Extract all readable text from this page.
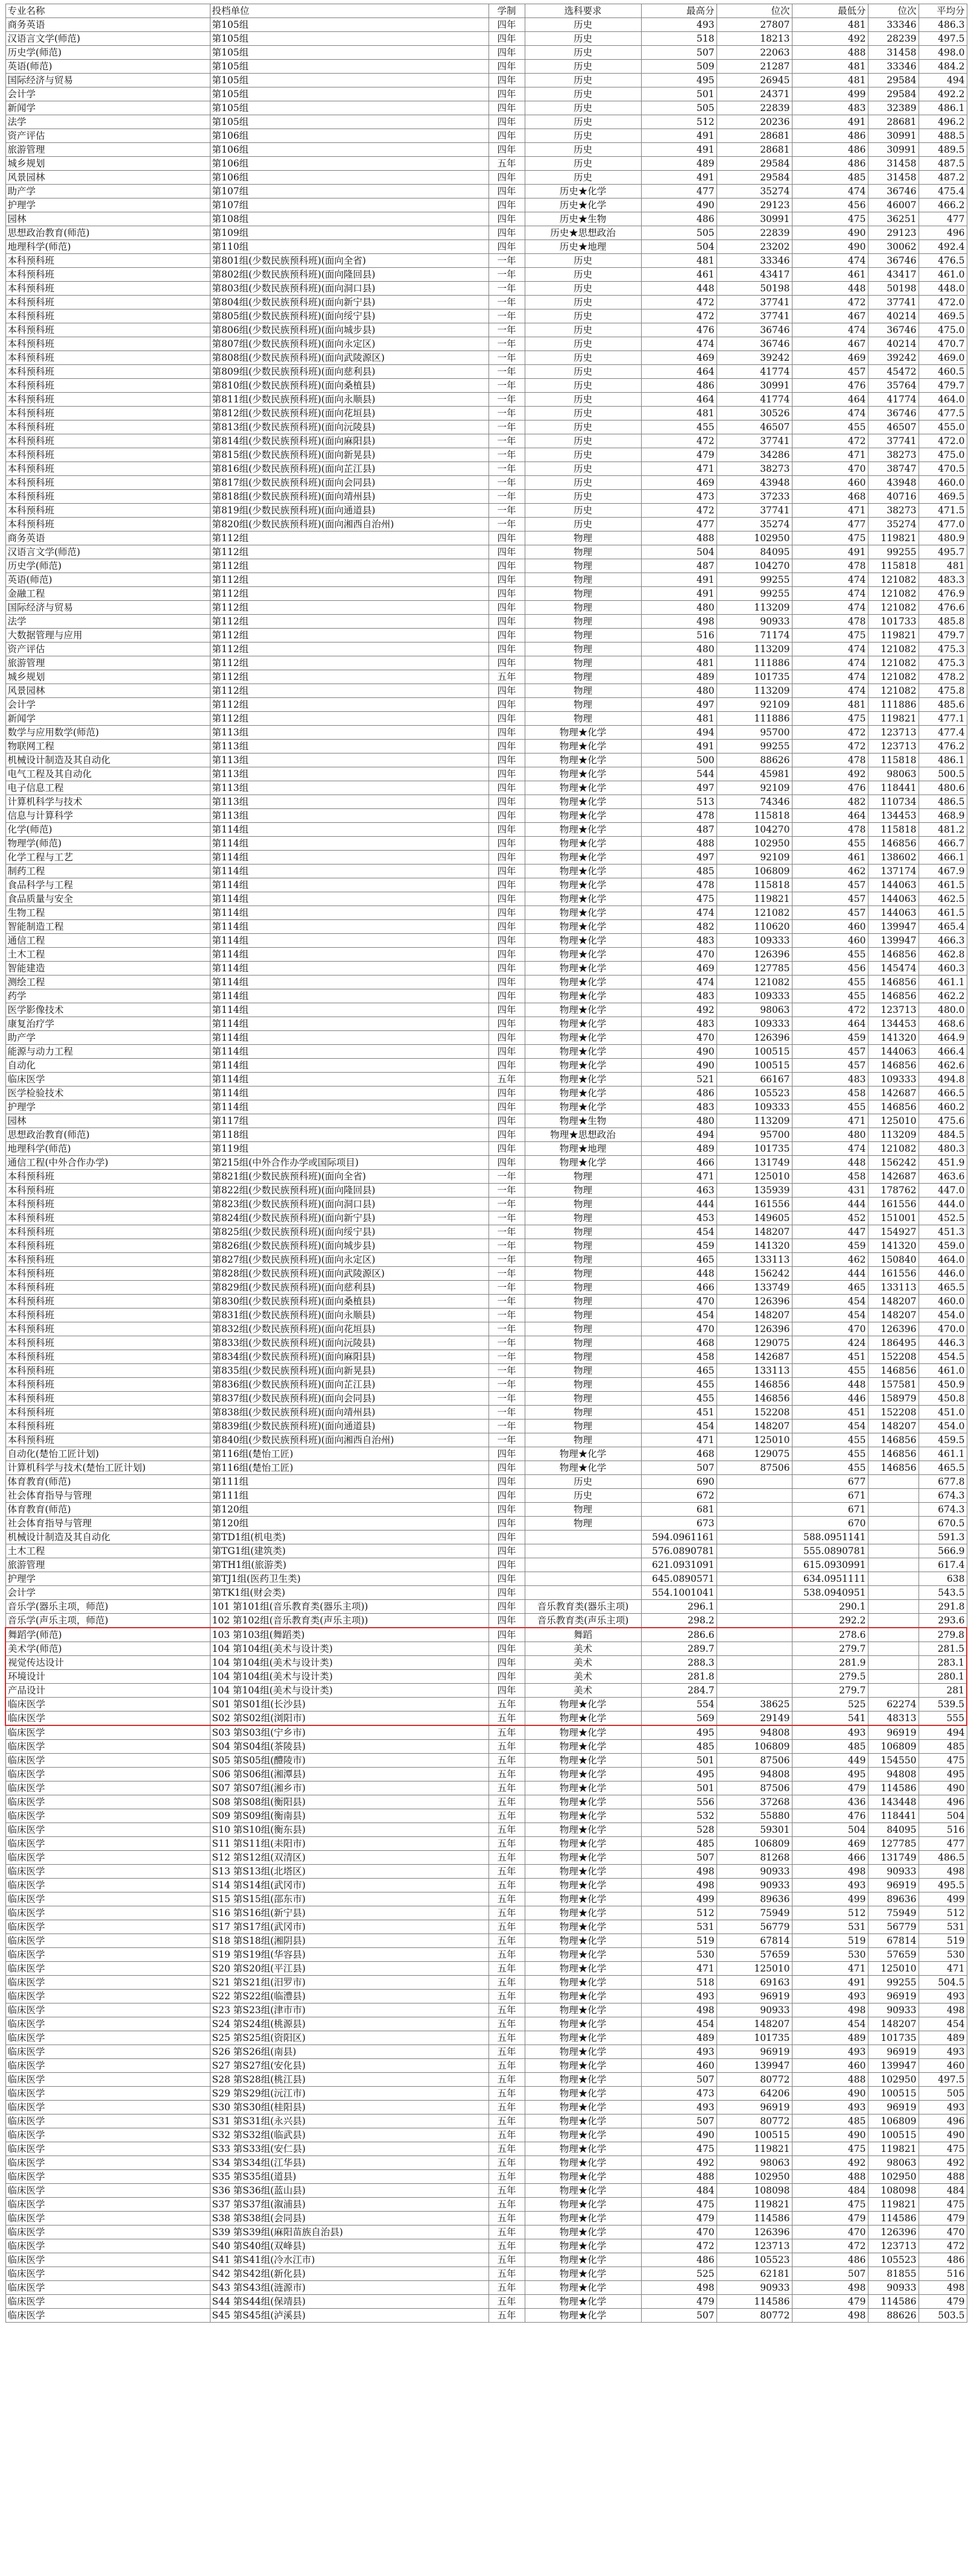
专业名称	投档单位	学制	选科要求	最高分	位次	最低分	位次	平均分
商务英语	第105组	四年	历史	493	27807	481	33346	486.3
汉语言文学(师范)	第105组	四年	历史	518	18213	492	28239	497.5
历史学(师范)	第105组	四年	历史	507	22063	488	31458	498.0
英语(师范)	第105组	四年	历史	509	21287	481	33346	484.2
国际经济与贸易	第105组	四年	历史	495	26945	481	29584	494
会计学	第105组	四年	历史	501	24371	499	29584	492.2
新闻学	第105组	四年	历史	505	22839	483	32389	486.1
法学	第105组	四年	历史	512	20236	491	28681	496.2
资产评估	第106组	四年	历史	491	28681	486	30991	488.5
旅游管理	第106组	四年	历史	491	28681	486	30991	489.5
城乡规划	第106组	五年	历史	489	29584	486	31458	487.5
风景园林	第106组	四年	历史	491	29584	485	31458	487.2
助产学	第107组	四年	历史★化学	477	35274	474	36746	475.4
护理学	第107组	四年	历史★化学	490	29123	456	46007	466.2
园林	第108组	四年	历史★生物	486	30991	475	36251	477
思想政治教育(师范)	第109组	四年	历史★思想政治	505	22839	490	29123	496
地理科学(师范)	第110组	四年	历史★地理	504	23202	490	30062	492.4
本科预科班	第801组(少数民族预科班)(面向全省)	一年	历史	481	33346	474	36746	476.5
本科预科班	第802组(少数民族预科班)(面向隆回县)	一年	历史	461	43417	461	43417	461.0
本科预科班	第803组(少数民族预科班)(面向洞口县)	一年	历史	448	50198	448	50198	448.0
本科预科班	第804组(少数民族预科班)(面向新宁县)	一年	历史	472	37741	472	37741	472.0
本科预科班	第805组(少数民族预科班)(面向绥宁县)	一年	历史	472	37741	467	40214	469.5
本科预科班	第806组(少数民族预科班)(面向城步县)	一年	历史	476	36746	474	36746	475.0
本科预科班	第807组(少数民族预科班)(面向永定区)	一年	历史	474	36746	467	40214	470.7
本科预科班	第808组(少数民族预科班)(面向武陵源区)	一年	历史	469	39242	469	39242	469.0
本科预科班	第809组(少数民族预科班)(面向慈利县)	一年	历史	464	41774	457	45472	460.5
本科预科班	第810组(少数民族预科班)(面向桑植县)	一年	历史	486	30991	476	35764	479.7
本科预科班	第811组(少数民族预科班)(面向永顺县)	一年	历史	464	41774	464	41774	464.0
本科预科班	第812组(少数民族预科班)(面向花垣县)	一年	历史	481	30526	474	36746	477.5
本科预科班	第813组(少数民族预科班)(面向沅陵县)	一年	历史	455	46507	455	46507	455.0
本科预科班	第814组(少数民族预科班)(面向麻阳县)	一年	历史	472	37741	472	37741	472.0
本科预科班	第815组(少数民族预科班)(面向新晃县)	一年	历史	479	34286	471	38273	475.0
本科预科班	第816组(少数民族预科班)(面向芷江县)	一年	历史	471	38273	470	38747	470.5
本科预科班	第817组(少数民族预科班)(面向会同县)	一年	历史	469	43948	460	43948	460.0
本科预科班	第818组(少数民族预科班)(面向靖州县)	一年	历史	473	37233	468	40716	469.5
本科预科班	第819组(少数民族预科班)(面向通道县)	一年	历史	472	37741	471	38273	471.5
本科预科班	第820组(少数民族预科班)(面向湘西自治州)	一年	历史	477	35274	477	35274	477.0
商务英语	第112组	四年	物理	488	102950	475	119821	480.9
汉语言文学(师范)	第112组	四年	物理	504	84095	491	99255	495.7
历史学(师范)	第112组	四年	物理	487	104270	478	115818	481
英语(师范)	第112组	四年	物理	491	99255	474	121082	483.3
金融工程	第112组	四年	物理	491	99255	474	121082	476.9
国际经济与贸易	第112组	四年	物理	480	113209	474	121082	476.6
法学	第112组	四年	物理	498	90933	478	101733	485.8
大数据管理与应用	第112组	四年	物理	516	71174	475	119821	479.7
资产评估	第112组	四年	物理	480	113209	474	121082	475.3
旅游管理	第112组	四年	物理	481	111886	474	121082	475.3
城乡规划	第112组	五年	物理	489	101735	474	121082	478.2
风景园林	第112组	四年	物理	480	113209	474	121082	475.8
会计学	第112组	四年	物理	497	92109	481	111886	485.6
新闻学	第112组	四年	物理	481	111886	475	119821	477.1
数学与应用数学(师范)	第113组	四年	物理★化学	494	95700	472	123713	477.4
物联网工程	第113组	四年	物理★化学	491	99255	472	123713	476.2
机械设计制造及其自动化	第113组	四年	物理★化学	500	88626	478	115818	486.1
电气工程及其自动化	第113组	四年	物理★化学	544	45981	492	98063	500.5
电子信息工程	第113组	四年	物理★化学	497	92109	476	118441	480.6
计算机科学与技术	第113组	四年	物理★化学	513	74346	482	110734	486.5
信息与计算科学	第113组	四年	物理★化学	478	115818	464	134453	468.9
化学(师范)	第114组	四年	物理★化学	487	104270	478	115818	481.2
物理学(师范)	第114组	四年	物理★化学	488	102950	455	146856	466.7
化学工程与工艺	第114组	四年	物理★化学	497	92109	461	138602	466.1
制药工程	第114组	四年	物理★化学	485	106809	462	137174	467.9
食品科学与工程	第114组	四年	物理★化学	478	115818	457	144063	461.5
食品质量与安全	第114组	四年	物理★化学	475	119821	457	144063	462.5
生物工程	第114组	四年	物理★化学	474	121082	457	144063	461.5
智能制造工程	第114组	四年	物理★化学	482	110620	460	139947	465.4
通信工程	第114组	四年	物理★化学	483	109333	460	139947	466.3
土木工程	第114组	四年	物理★化学	470	126396	455	146856	462.8
智能建造	第114组	四年	物理★化学	469	127785	456	145474	460.3
测绘工程	第114组	四年	物理★化学	474	121082	455	146856	461.1
药学	第114组	四年	物理★化学	483	109333	455	146856	462.2
医学影像技术	第114组	四年	物理★化学	492	98063	472	123713	480.0
康复治疗学	第114组	四年	物理★化学	483	109333	464	134453	468.6
助产学	第114组	四年	物理★化学	470	126396	459	141320	464.9
能源与动力工程	第114组	四年	物理★化学	490	100515	457	144063	466.4
自动化	第114组	四年	物理★化学	490	100515	457	146856	462.6
临床医学	第114组	五年	物理★化学	521	66167	483	109333	494.8
医学检验技术	第114组	四年	物理★化学	486	105523	458	142687	466.5
护理学	第114组	四年	物理★化学	483	109333	455	146856	460.2
园林	第117组	四年	物理★生物	480	113209	471	125010	475.6
思想政治教育(师范)	第118组	四年	物理★思想政治	494	95700	480	113209	484.5
地理科学(师范)	第119组	四年	物理★地理	489	101735	474	121082	480.3
通信工程(中外合作办学)	第215组(中外合作办学或国际项目)	四年	物理★化学	466	131749	448	156242	451.9
本科预科班	第821组(少数民族预科班)(面向全省)	一年	物理	471	125010	458	142687	463.6
本科预科班	第822组(少数民族预科班)(面向隆回县)	一年	物理	463	135939	431	178762	447.0
本科预科班	第823组(少数民族预科班)(面向洞口县)	一年	物理	444	161556	444	161556	444.0
本科预科班	第824组(少数民族预科班)(面向新宁县)	一年	物理	453	149605	452	151001	452.5
本科预科班	第825组(少数民族预科班)(面向绥宁县)	一年	物理	454	148207	447	154927	451.3
本科预科班	第826组(少数民族预科班)(面向城步县)	一年	物理	459	141320	459	141320	459.0
本科预科班	第827组(少数民族预科班)(面向永定区)	一年	物理	465	133113	462	150840	464.0
本科预科班	第828组(少数民族预科班)(面向武陵源区)	一年	物理	448	156242	444	161556	446.0
本科预科班	第829组(少数民族预科班)(面向慈利县)	一年	物理	466	133749	465	133113	465.5
本科预科班	第830组(少数民族预科班)(面向桑植县)	一年	物理	470	126396	454	148207	460.0
本科预科班	第831组(少数民族预科班)(面向永顺县)	一年	物理	454	148207	454	148207	454.0
本科预科班	第832组(少数民族预科班)(面向花垣县)	一年	物理	470	126396	470	126396	470.0
本科预科班	第833组(少数民族预科班)(面向沅陵县)	一年	物理	468	129075	424	186495	446.3
本科预科班	第834组(少数民族预科班)(面向麻阳县)	一年	物理	458	142687	451	152208	454.5
本科预科班	第835组(少数民族预科班)(面向新晃县)	一年	物理	465	133113	455	146856	461.0
本科预科班	第836组(少数民族预科班)(面向芷江县)	一年	物理	455	146856	448	157581	450.9
本科预科班	第837组(少数民族预科班)(面向会同县)	一年	物理	455	146856	446	158979	450.8
本科预科班	第838组(少数民族预科班)(面向靖州县)	一年	物理	451	152208	451	152208	451.0
本科预科班	第839组(少数民族预科班)(面向通道县)	一年	物理	454	148207	454	148207	454.0
本科预科班	第840组(少数民族预科班)(面向湘西自治州)	一年	物理	471	125010	455	146856	459.5
自动化(楚怡工匠计划)	第116组(楚怡工匠)	四年	物理★化学	468	129075	455	146856	461.1
计算机科学与技术(楚怡工匠计划)	第116组(楚怡工匠)	四年	物理★化学	507	87506	455	146856	465.5
体育教育(师范)	第111组	四年	历史	690		677		677.8
社会体育指导与管理	第111组	四年	历史	672		671		674.3
体育教育(师范)	第120组	四年	物理	681		671		674.3
社会体育指导与管理	第120组	四年	物理	673		670		670.5
机械设计制造及其自动化	第TD1组(机电类)	四年		594.0961161		588.0951141		591.3
土木工程	第TG1组(建筑类)	四年		576.0890781		555.0890781		566.9
旅游管理	第TH1组(旅游类)	四年		621.0931091		615.0930991		617.4
护理学	第TJ1组(医药卫生类)	四年		645.0890571		634.0951111		638
会计学	第TK1组(财会类)	四年		554.1001041		538.0940951		543.5
音乐学(器乐主项，师范)	101 第101组(音乐教育类(器乐主项))	四年	音乐教育类(器乐主项)	296.1		290.1		291.8
音乐学(声乐主项，师范)	102 第102组(音乐教育类(声乐主项))	四年	音乐教育类(声乐主项)	298.2		292.2		293.6
舞蹈学(师范)	103 第103组(舞蹈类)	四年	舞蹈	286.6		278.6		279.8
美术学(师范)	104 第104组(美术与设计类)	四年	美术	289.7		279.7		281.5
视觉传达设计	104 第104组(美术与设计类)	四年	美术	288.3		281.9		283.1
环境设计	104 第104组(美术与设计类)	四年	美术	281.8		279.5		280.1
产品设计	104 第104组(美术与设计类)	四年	美术	284.7		279.7		281
临床医学	S01 第S01组(长沙县)	五年	物理★化学	554	38625	525	62274	539.5
临床医学	S02 第S02组(浏阳市)	五年	物理★化学	569	29149	541	48313	555
临床医学	S03 第S03组(宁乡市)	五年	物理★化学	495	94808	493	96919	494
临床医学	S04 第S04组(茶陵县)	五年	物理★化学	485	106809	485	106809	485
临床医学	S05 第S05组(醴陵市)	五年	物理★化学	501	87506	449	154550	475
临床医学	S06 第S06组(湘潭县)	五年	物理★化学	495	94808	495	94808	495
临床医学	S07 第S07组(湘乡市)	五年	物理★化学	501	87506	479	114586	490
临床医学	S08 第S08组(衡阳县)	五年	物理★化学	556	37268	436	143448	496
临床医学	S09 第S09组(衡南县)	五年	物理★化学	532	55880	476	118441	504
临床医学	S10 第S10组(衡东县)	五年	物理★化学	528	59301	504	84095	516
临床医学	S11 第S11组(耒阳市)	五年	物理★化学	485	106809	469	127785	477
临床医学	S12 第S12组(双清区)	五年	物理★化学	507	81268	466	131749	486.5
临床医学	S13 第S13组(北塔区)	五年	物理★化学	498	90933	498	90933	498
临床医学	S14 第S14组(武冈市)	五年	物理★化学	498	90933	493	96919	495.5
临床医学	S15 第S15组(邵东市)	五年	物理★化学	499	89636	499	89636	499
临床医学	S16 第S16组(新宁县)	五年	物理★化学	512	75949	512	75949	512
临床医学	S17 第S17组(武冈市)	五年	物理★化学	531	56779	531	56779	531
临床医学	S18 第S18组(湘阴县)	五年	物理★化学	519	67814	519	67814	519
临床医学	S19 第S19组(华容县)	五年	物理★化学	530	57659	530	57659	530
临床医学	S20 第S20组(平江县)	五年	物理★化学	471	125010	471	125010	471
临床医学	S21 第S21组(汨罗市)	五年	物理★化学	518	69163	491	99255	504.5
临床医学	S22 第S22组(临澧县)	五年	物理★化学	493	96919	493	96919	493
临床医学	S23 第S23组(津市市)	五年	物理★化学	498	90933	498	90933	498
临床医学	S24 第S24组(桃源县)	五年	物理★化学	454	148207	454	148207	454
临床医学	S25 第S25组(资阳区)	五年	物理★化学	489	101735	489	101735	489
临床医学	S26 第S26组(南县)	五年	物理★化学	493	96919	493	96919	493
临床医学	S27 第S27组(安化县)	五年	物理★化学	460	139947	460	139947	460
临床医学	S28 第S28组(桃江县)	五年	物理★化学	507	80772	488	102950	497.5
临床医学	S29 第S29组(沅江市)	五年	物理★化学	473	64206	490	100515	505
临床医学	S30 第S30组(桂阳县)	五年	物理★化学	493	96919	493	96919	493
临床医学	S31 第S31组(永兴县)	五年	物理★化学	507	80772	485	106809	496
临床医学	S32 第S32组(临武县)	五年	物理★化学	490	100515	490	100515	490
临床医学	S33 第S33组(安仁县)	五年	物理★化学	475	119821	475	119821	475
临床医学	S34 第S34组(江华县)	五年	物理★化学	492	98063	492	98063	492
临床医学	S35 第S35组(道县)	五年	物理★化学	488	102950	488	102950	488
临床医学	S36 第S36组(蓝山县)	五年	物理★化学	484	108098	484	108098	484
临床医学	S37 第S37组(溆浦县)	五年	物理★化学	475	119821	475	119821	475
临床医学	S38 第S38组(会同县)	五年	物理★化学	479	114586	479	114586	479
临床医学	S39 第S39组(麻阳苗族自治县)	五年	物理★化学	470	126396	470	126396	470
临床医学	S40 第S40组(双峰县)	五年	物理★化学	472	123713	472	123713	472
临床医学	S41 第S41组(冷水江市)	五年	物理★化学	486	105523	486	105523	486
临床医学	S42 第S42组(新化县)	五年	物理★化学	525	62181	507	81855	516
临床医学	S43 第S43组(涟源市)	五年	物理★化学	498	90933	498	90933	498
临床医学	S44 第S44组(保靖县)	五年	物理★化学	479	114586	479	114586	479
临床医学	S45 第S45组(泸溪县)	五年	物理★化学	507	80772	498	88626	503.5
